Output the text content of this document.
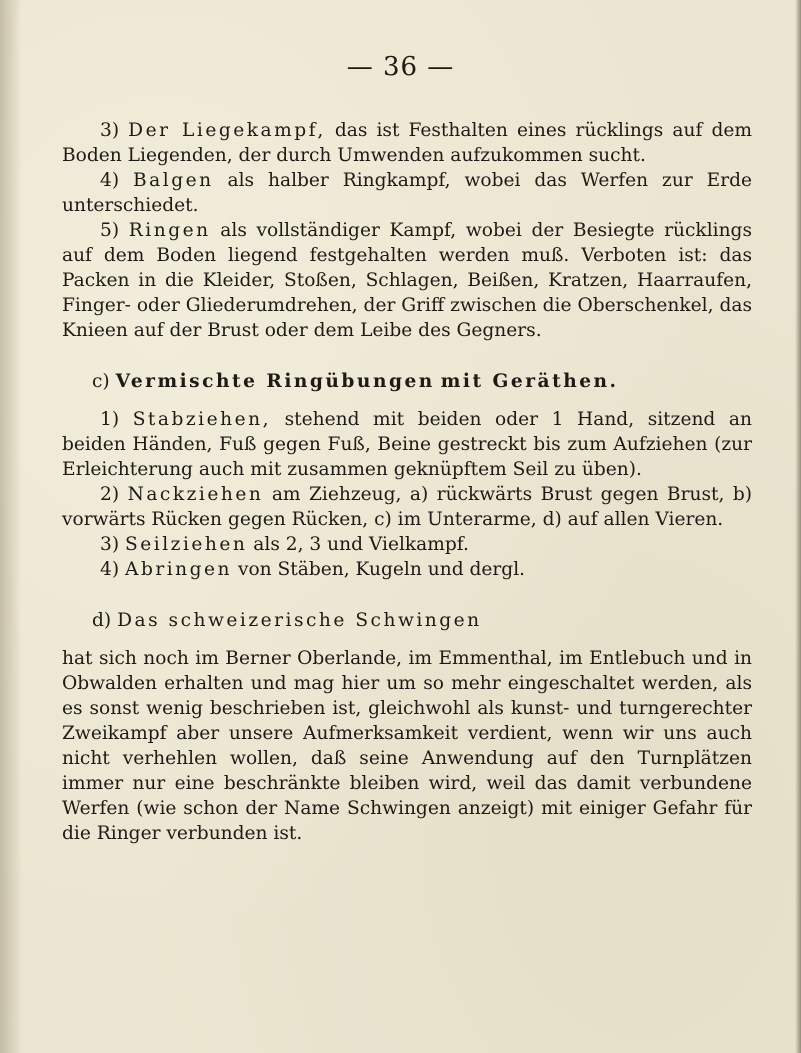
— 36 —

3) Der Liegekampf, das ist Festhalten eines rücklings auf dem Boden Liegenden, der durch Umwenden aufzukommen sucht.

4) Balgen als halber Ringkampf, wobei das Werfen zur Erde unterschiedet.

5) Ringen als vollständiger Kampf, wobei der Besiegte rücklings auf dem Boden liegend festgehalten werden muß. Verboten ist: das Packen in die Kleider, Stoßen, Schlagen, Beißen, Kratzen, Haarraufen, Finger- oder Gliederumdrehen, der Griff zwischen die Oberschenkel, das Knieen auf der Brust oder dem Leibe des Gegners.

c) Vermischte Ringübungen mit Geräthen.

1) Stabziehen, stehend mit beiden oder 1 Hand, sitzend an beiden Händen, Fuß gegen Fuß, Beine gestreckt bis zum Aufziehen (zur Erleichterung auch mit zusammen geknüpftem Seil zu üben).

2) Nackziehen am Ziehzeug, a) rückwärts Brust gegen Brust, b) vorwärts Rücken gegen Rücken, c) im Unterarme, d) auf allen Vieren.

3) Seilziehen als 2, 3 und Vielkampf.

4) Abringen von Stäben, Kugeln und dergl.

d) Das schweizerische Schwingen

hat sich noch im Berner Oberlande, im Emmenthal, im Entlebuch und in Obwalden erhalten und mag hier um so mehr eingeschaltet werden, als es sonst wenig beschrieben ist, gleichwohl als kunst- und turngerechter Zweikampf aber unsere Aufmerksamkeit verdient, wenn wir uns auch nicht verhehlen wollen, daß seine Anwendung auf den Turnplätzen immer nur eine beschränkte bleiben wird, weil das damit verbundene Werfen (wie schon der Name Schwingen anzeigt) mit einiger Gefahr für die Ringer verbunden ist.
